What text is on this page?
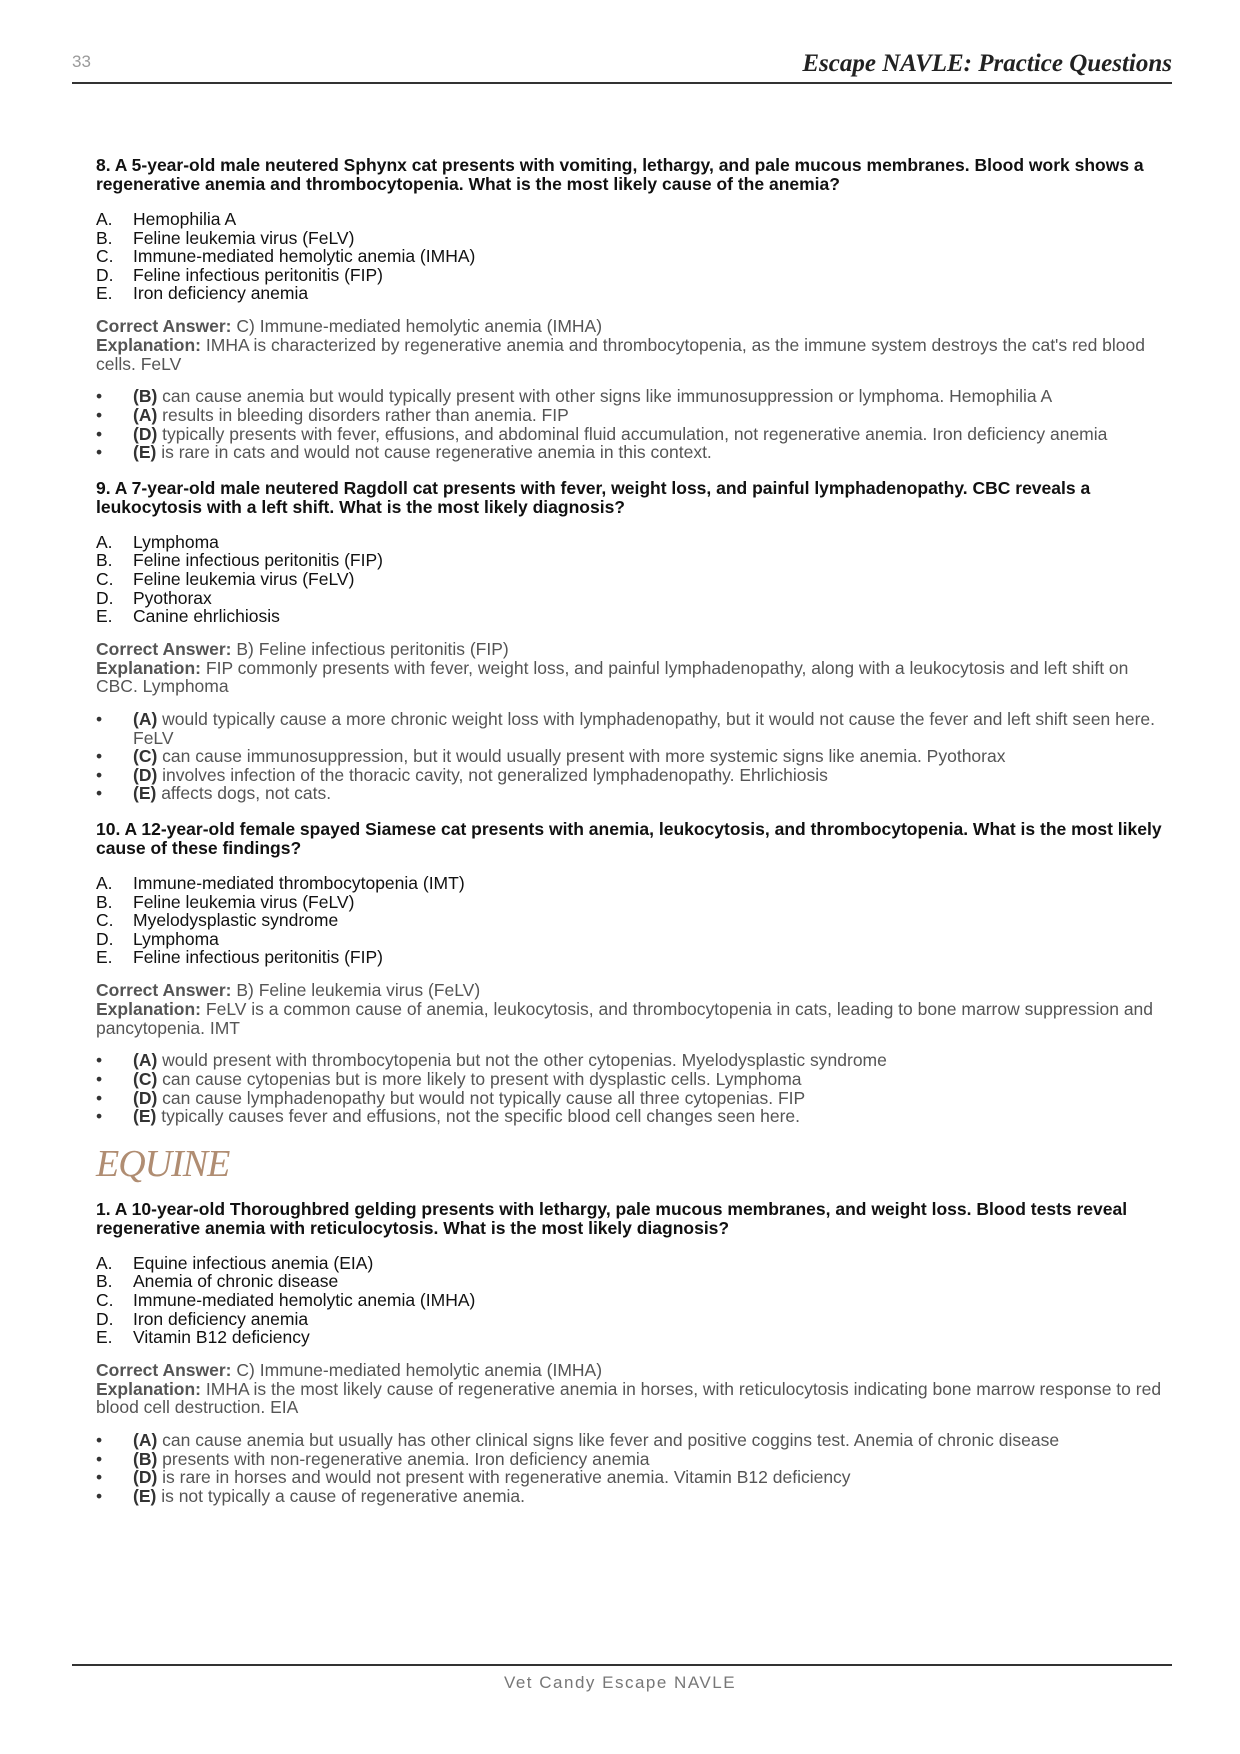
33	Escape NAVLE: Practice Questions

8. A 5-year-old male neutered Sphynx cat presents with vomiting, lethargy, and pale mucous membranes. Blood work shows a regenerative anemia and thrombocytopenia. What is the most likely cause of the anemia?

A. Hemophilia A
B. Feline leukemia virus (FeLV)
C. Immune-mediated hemolytic anemia (IMHA)
D. Feline infectious peritonitis (FIP)
E. Iron deficiency anemia
Correct Answer: C) Immune-mediated hemolytic anemia (IMHA)
Explanation: IMHA is characterized by regenerative anemia and thrombocytopenia, as the immune system destroys the cat's red blood cells. FeLV
• (B) can cause anemia but would typically present with other signs like immunosuppression or lymphoma. Hemophilia A
• (A) results in bleeding disorders rather than anemia. FIP
• (D) typically presents with fever, effusions, and abdominal fluid accumulation, not regenerative anemia. Iron deficiency anemia
• (E) is rare in cats and would not cause regenerative anemia in this context.

9. A 7-year-old male neutered Ragdoll cat presents with fever, weight loss, and painful lymphadenopathy. CBC reveals a leukocytosis with a left shift. What is the most likely diagnosis?

A. Lymphoma
B. Feline infectious peritonitis (FIP)
C. Feline leukemia virus (FeLV)
D. Pyothorax
E. Canine ehrlichiosis
Correct Answer: B) Feline infectious peritonitis (FIP)
Explanation: FIP commonly presents with fever, weight loss, and painful lymphadenopathy, along with a leukocytosis and left shift on CBC. Lymphoma
• (A) would typically cause a more chronic weight loss with lymphadenopathy, but it would not cause the fever and left shift seen here. FeLV
• (C) can cause immunosuppression, but it would usually present with more systemic signs like anemia. Pyothorax
• (D) involves infection of the thoracic cavity, not generalized lymphadenopathy. Ehrlichiosis
• (E) affects dogs, not cats.

10. A 12-year-old female spayed Siamese cat presents with anemia, leukocytosis, and thrombocytopenia. What is the most likely cause of these findings?

A. Immune-mediated thrombocytopenia (IMT)
B. Feline leukemia virus (FeLV)
C. Myelodysplastic syndrome
D. Lymphoma
E. Feline infectious peritonitis (FIP)
Correct Answer: B) Feline leukemia virus (FeLV)
Explanation: FeLV is a common cause of anemia, leukocytosis, and thrombocytopenia in cats, leading to bone marrow suppression and pancytopenia. IMT
• (A) would present with thrombocytopenia but not the other cytopenias. Myelodysplastic syndrome
• (C) can cause cytopenias but is more likely to present with dysplastic cells. Lymphoma
• (D) can cause lymphadenopathy but would not typically cause all three cytopenias. FIP
• (E) typically causes fever and effusions, not the specific blood cell changes seen here.
EQUINE

1. A 10-year-old Thoroughbred gelding presents with lethargy, pale mucous membranes, and weight loss. Blood tests reveal regenerative anemia with reticulocytosis. What is the most likely diagnosis?

A. Equine infectious anemia (EIA)
B. Anemia of chronic disease
C. Immune-mediated hemolytic anemia (IMHA)
D. Iron deficiency anemia
E. Vitamin B12 deficiency
Correct Answer: C) Immune-mediated hemolytic anemia (IMHA)
Explanation: IMHA is the most likely cause of regenerative anemia in horses, with reticulocytosis indicating bone marrow response to red blood cell destruction. EIA
• (A) can cause anemia but usually has other clinical signs like fever and positive coggins test. Anemia of chronic disease
• (B) presents with non-regenerative anemia. Iron deficiency anemia
• (D) is rare in horses and would not present with regenerative anemia. Vitamin B12 deficiency
• (E) is not typically a cause of regenerative anemia.
Vet Candy Escape NAVLE
